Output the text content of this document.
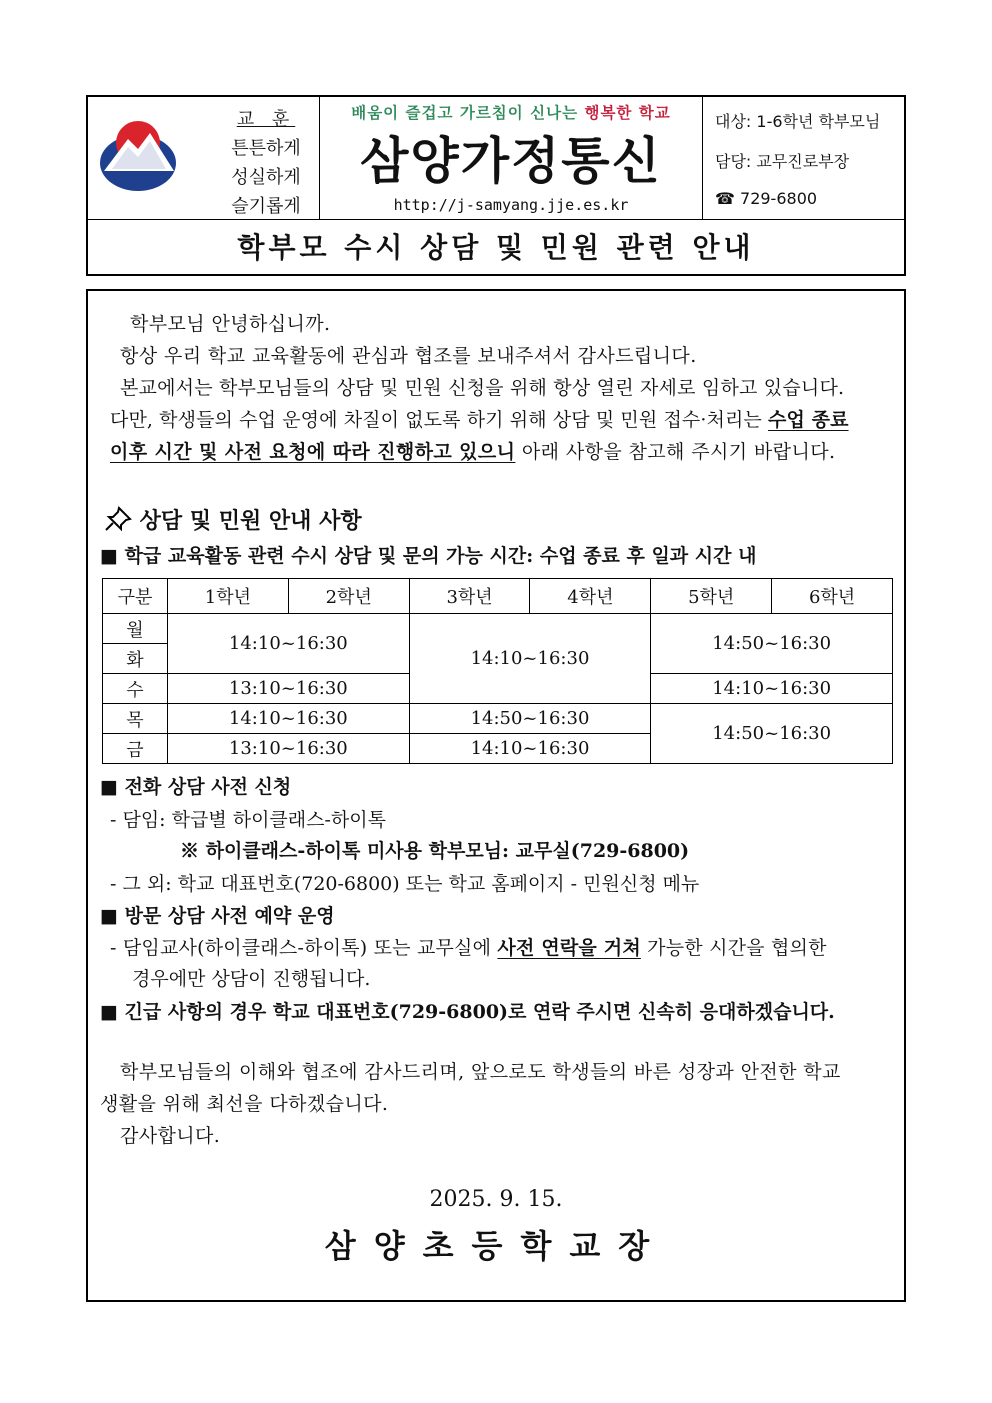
교 훈
튼튼하게
성실하게
슬기롭게
배움이 즐겁고 가르침이 신나는 행복한 학교
삼양가정통신
http://j-samyang.jje.es.kr
대상: 1-6학년 학부모님
담당: 교무진로부장
☎ 729-6800
학부모 수시 상담 및 민원 관련 안내
학부모님 안녕하십니까.
항상 우리 학교 교육활동에 관심과 협조를 보내주셔서 감사드립니다.
본교에서는 학부모님들의 상담 및 민원 신청을 위해 항상 열린 자세로 임하고 있습니다.
다만, 학생들의 수업 운영에 차질이 없도록 하기 위해 상담 및 민원 접수·처리는 수업 종료
이후 시간 및 사전 요청에 따라 진행하고 있으니 아래 사항을 참고해 주시기 바랍니다.
상담 및 민원 안내 사항
■ 학급 교육활동 관련 수시 상담 및 문의 가능 시간: 수업 종료 후 일과 시간 내
구분	1학년	2학년	3학년	4학년	5학년	6학년
월	14:10~16:30		14:10~16:30		14:50~16:30	
화						
수	13:10~16:30				14:10~16:30	
목	14:10~16:30		14:50~16:30		14:50~16:30	
금	13:10~16:30		14:10~16:30			
■ 전화 상담 사전 신청
- 담임: 학급별 하이클래스-하이톡
※ 하이클래스-하이톡 미사용 학부모님: 교무실(729-6800)
- 그 외: 학교 대표번호(720-6800) 또는 학교 홈페이지 - 민원신청 메뉴
■ 방문 상담 사전 예약 운영
- 담임교사(하이클래스-하이톡) 또는 교무실에 사전 연락을 거쳐 가능한 시간을 협의한
경우에만 상담이 진행됩니다.
■ 긴급 사항의 경우 학교 대표번호(729-6800)로 연락 주시면 신속히 응대하겠습니다.
학부모님들의 이해와 협조에 감사드리며, 앞으로도 학생들의 바른 성장과 안전한 학교
생활을 위해 최선을 다하겠습니다.
감사합니다.
2025. 9. 15.
삼양초등학교장
